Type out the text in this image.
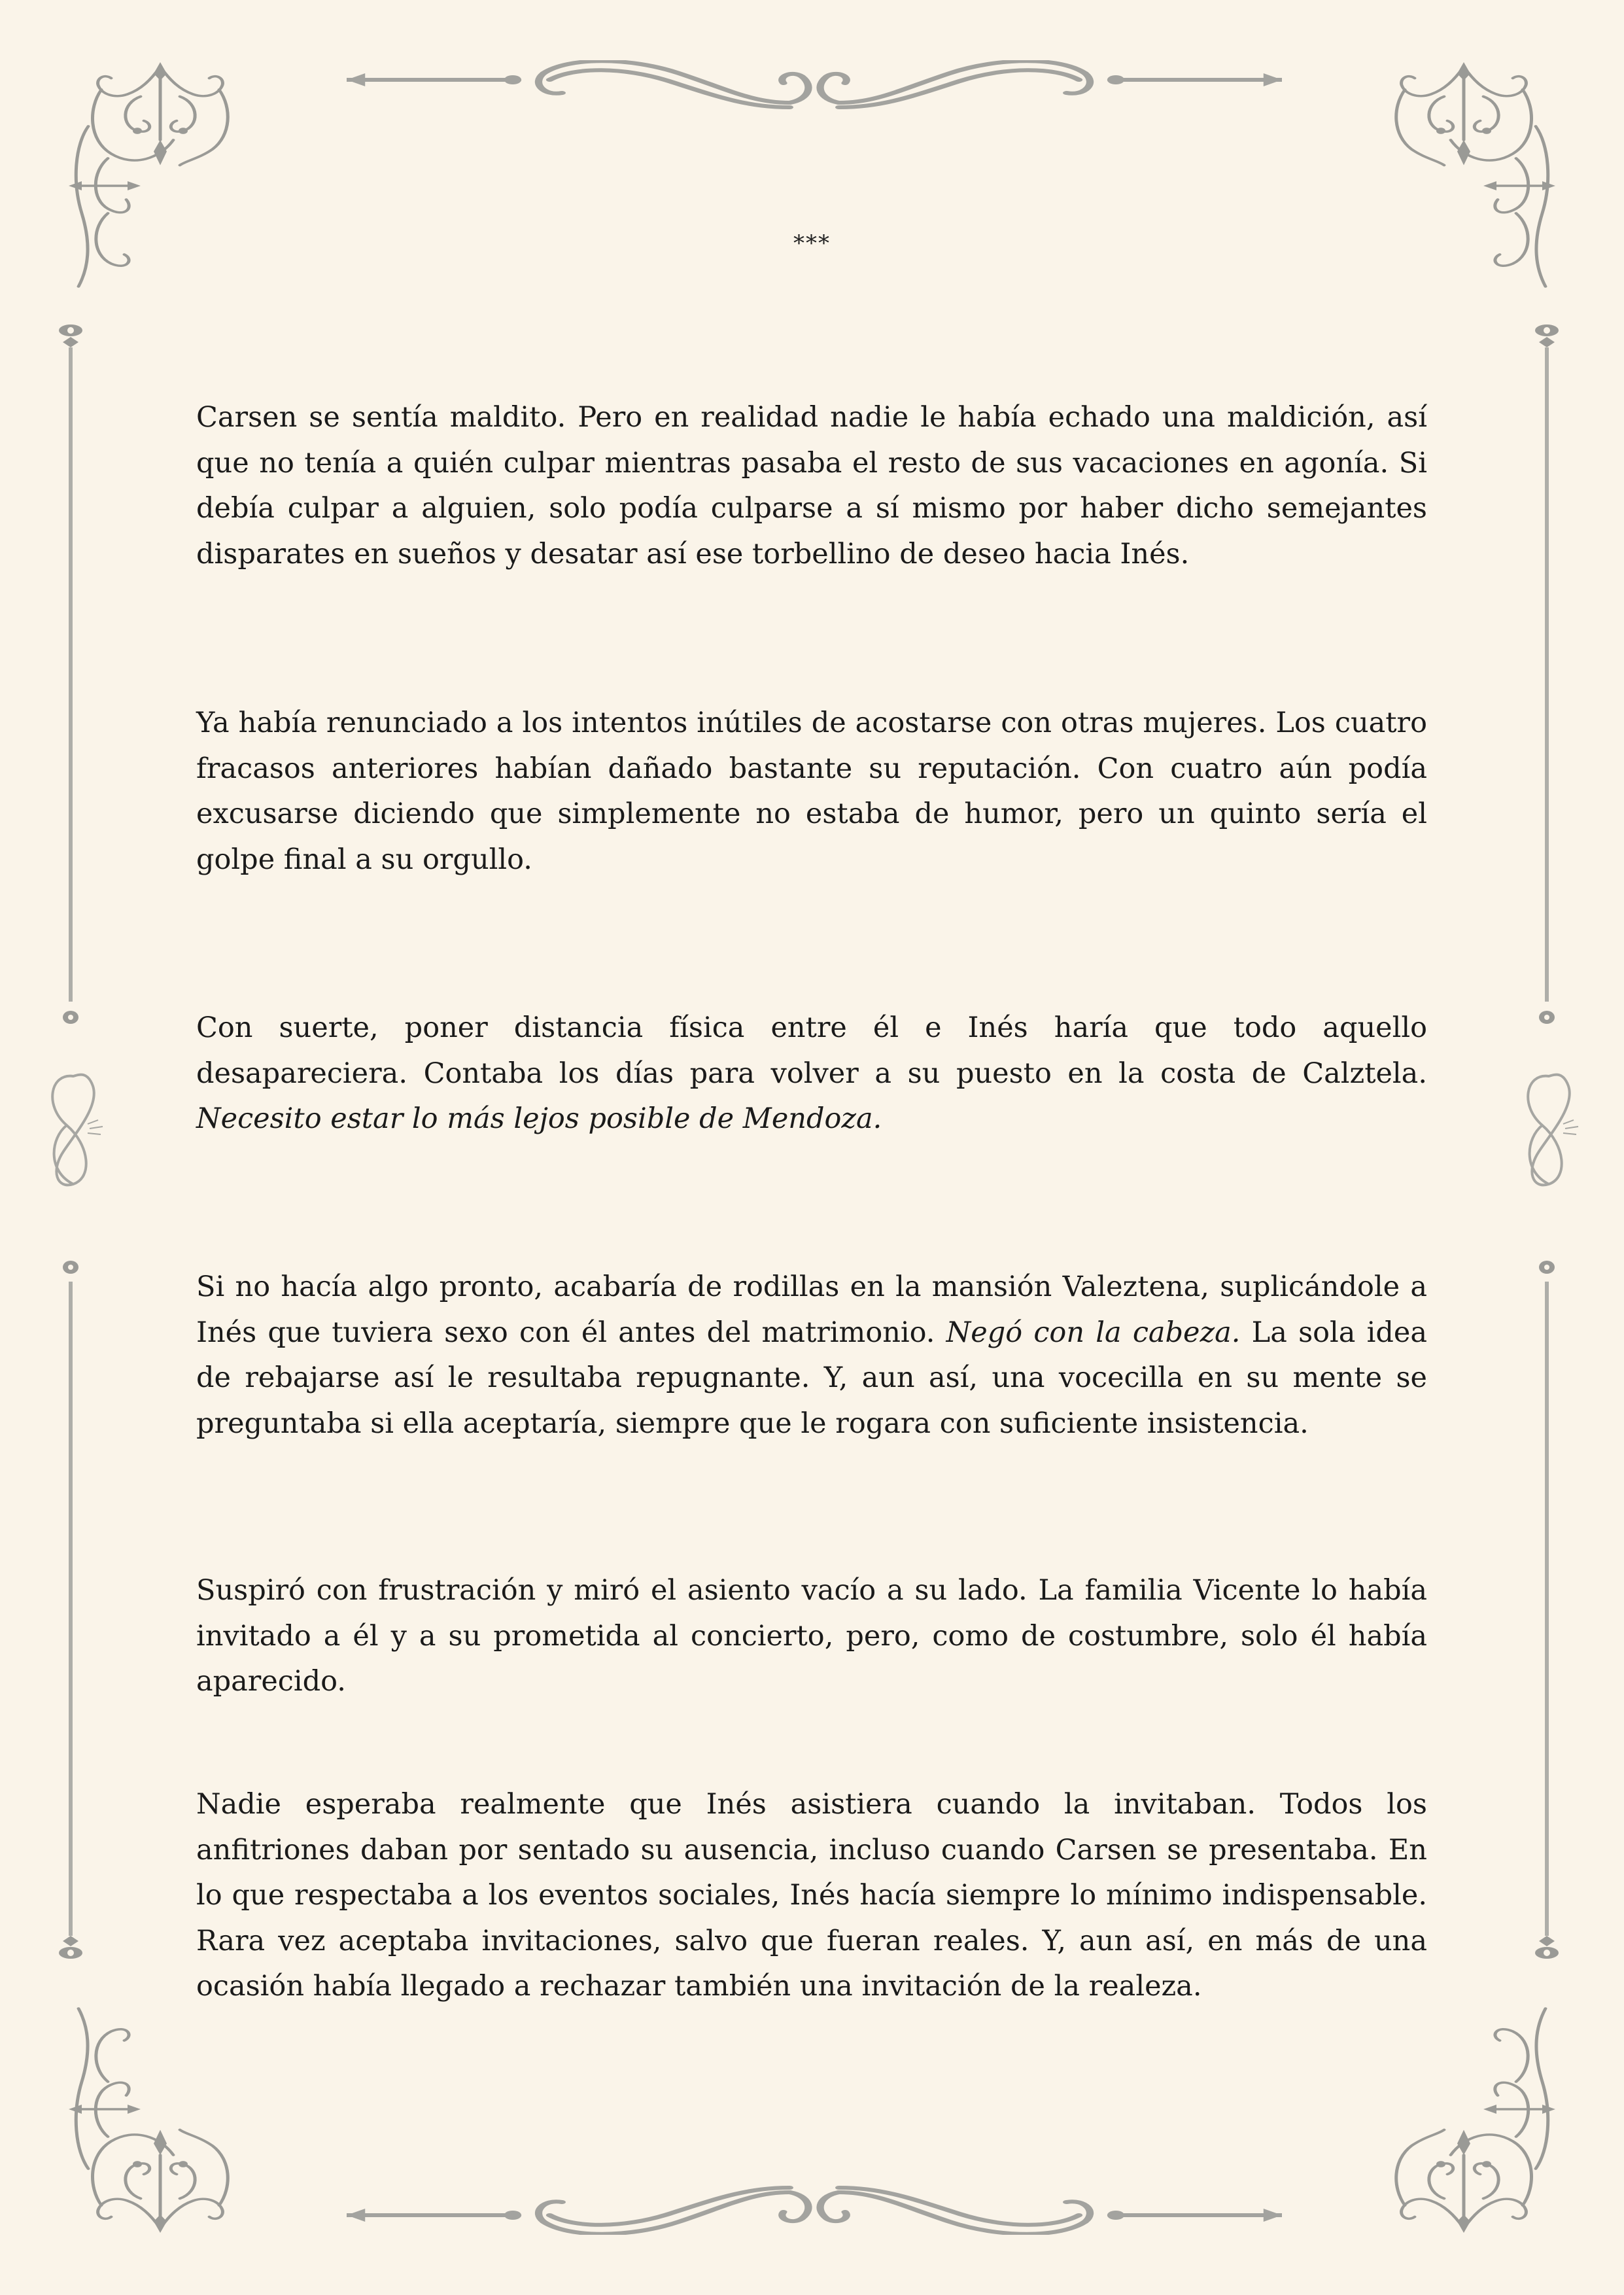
***

Carsen se sentía maldito. Pero en realidad nadie le había echado una maldición, así que no tenía a quién culpar mientras pasaba el resto de sus vacaciones en agonía. Si debía culpar a alguien, solo podía culparse a sí mismo por haber dicho semejantes disparates en sueños y desatar así ese torbellino de deseo hacia Inés.

Ya había renunciado a los intentos inútiles de acostarse con otras mujeres. Los cuatro fracasos anteriores habían dañado bastante su reputación. Con cuatro aún podía excusarse diciendo que simplemente no estaba de humor, pero un quinto sería el golpe final a su orgullo.

Con suerte, poner distancia física entre él e Inés haría que todo aquello desapareciera. Contaba los días para volver a su puesto en la costa de Calztela. Necesito estar lo más lejos posible de Mendoza.

Si no hacía algo pronto, acabaría de rodillas en la mansión Valeztena, suplicándole a Inés que tuviera sexo con él antes del matrimonio. Negó con la cabeza. La sola idea de rebajarse así le resultaba repugnante. Y, aun así, una vocecilla en su mente se preguntaba si ella aceptaría, siempre que le rogara con suficiente insistencia.

Suspiró con frustración y miró el asiento vacío a su lado. La familia Vicente lo había invitado a él y a su prometida al concierto, pero, como de costumbre, solo él había aparecido.

Nadie esperaba realmente que Inés asistiera cuando la invitaban. Todos los anfitriones daban por sentado su ausencia, incluso cuando Carsen se presentaba. En lo que respectaba a los eventos sociales, Inés hacía siempre lo mínimo indispensable. Rara vez aceptaba invitaciones, salvo que fueran reales. Y, aun así, en más de una ocasión había llegado a rechazar también una invitación de la realeza.
